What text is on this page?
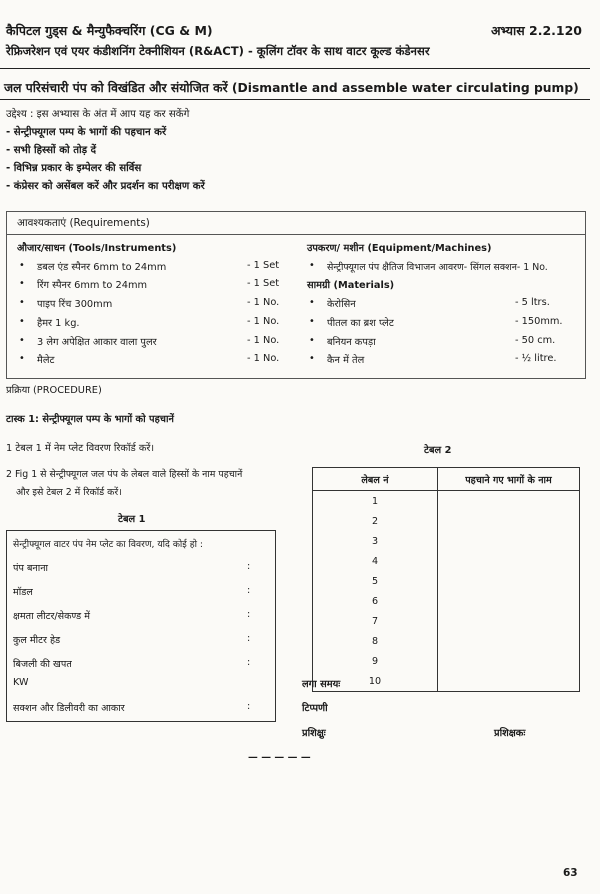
कैपिटल गुड्स & मैन्युफैक्चरिंग (CG & M)	अभ्यास 2.2.120
रेफ्रिजरेशन एवं एयर कंडीशनिंग टेक्नीशियन (R&ACT) - कूलिंग टॉवर के साथ वाटर कूल्ड कंडेनसर
जल परिसंचारी पंप को विखंडित और संयोजित करें (Dismantle and assemble water circulating pump)
उद्देश्य : इस अभ्यास के अंत में आप यह कर सकेंगे
- सेन्ट्रीफ्यूगल पम्प के भागों की पहचान करें
- सभी हिस्सों को तोड़ दें
- विभिन्न प्रकार के इम्पेलर की सर्विस
- कंप्रेसर को असेंबल करें और प्रदर्शन का परीक्षण करें
आवश्यकताएं (Requirements)
औजार/साधन (Tools/Instruments)	उपकरण/ मशीन (Equipment/Machines)
• डबल एंड स्पैनर 6mm to 24mm	- 1 Set
• रिंग स्पैनर 6mm to 24mm	- 1 Set
• पाइप रिंच 300mm	- 1 No.
• हैमर 1 kg.	- 1 No.
• 3 लेग अपेक्षित आकार वाला पुलर	- 1 No.
• मैलेट	- 1 No.
• सेन्ट्रीफ्यूगल पंप क्षैतिज विभाजन आवरण- सिंगल सक्शन- 1 No.
सामग्री (Materials)
• केरोसिन	- 5 ltrs.
• पीतल का ब्रश प्लेट	- 150mm.
• बनियन कपड़ा	- 50 cm.
• कैन में तेल	- ½ litre.
प्रक्रिया (PROCEDURE)
टास्क 1: सेन्ट्रीफ्यूगल पम्प के भागों को पहचानें
1 टेबल 1 में नेम प्लेट विवरण रिकॉर्ड करें।
2 Fig 1 से सेन्ट्रीफ्यूगल जल पंप के लेबल वाले हिस्सों के नाम पहचानें
और इसे टेबल 2 में रिकॉर्ड करें।
टेबल 2
लेबल नं	पहचाने गए भागों के नाम
1	
2	
3	
4	
5	
6	
7	
8	
9	
10	
टेबल 1
सेन्ट्रीफ्यूगल वाटर पंप नेम प्लेट का विवरण, यदि कोई हो :
पंप बनाना	:
मॉडल	:
क्षमता लीटर/सेकण्ड में	:
कुल मीटर हेड	:
बिजली की खपत	:
KW
सक्शन और डिलीवरी का आकार	:
लगा समयः
टिप्पणी
प्रशिक्षुः	प्रशिक्षकः
— — — — —
63
